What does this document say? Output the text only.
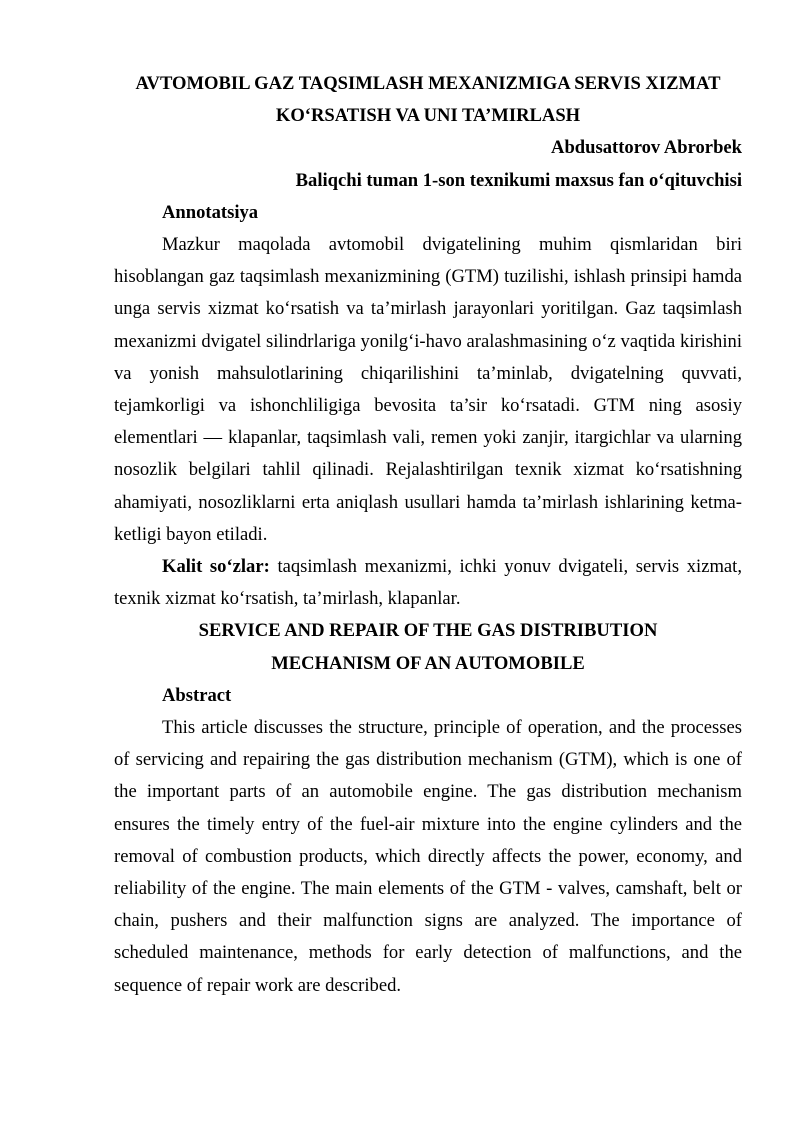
AVTOMOBIL GAZ TAQSIMLASH MEXANIZMIGA SERVIS XIZMAT

KO‘RSATISH VA UNI TA’MIRLASH

Abdusattorov Abrorbek

Baliqchi tuman 1-son texnikumi maxsus fan o‘qituvchisi

Annotatsiya

Mazkur maqolada avtomobil dvigatelining muhim qismlaridan biri hisoblangan gaz taqsimlash mexanizmining (GTM) tuzilishi, ishlash prinsipi hamda unga servis xizmat ko‘rsatish va ta’mirlash jarayonlari yoritilgan. Gaz taqsimlash mexanizmi dvigatel silindrlariga yonilg‘i-havo aralashmasining o‘z vaqtida kirishini va yonish mahsulotlarining chiqarilishini ta’minlab, dvigatelning quvvati, tejamkorligi va ishonchliligiga bevosita ta’sir ko‘rsatadi. GTM ning asosiy elementlari — klapanlar, taqsimlash vali, remen yoki zanjir, itargichlar va ularning nosozlik belgilari tahlil qilinadi. Rejalashtirilgan texnik xizmat ko‘rsatishning ahamiyati, nosozliklarni erta aniqlash usullari hamda ta’mirlash ishlarining ketma-ketligi bayon etiladi.

Kalit so‘zlar: taqsimlash mexanizmi, ichki yonuv dvigateli, servis xizmat, texnik xizmat ko‘rsatish, ta’mirlash, klapanlar.

SERVICE AND REPAIR OF THE GAS DISTRIBUTION

MECHANISM OF AN AUTOMOBILE

Abstract

This article discusses the structure, principle of operation, and the processes of servicing and repairing the gas distribution mechanism (GTM), which is one of the important parts of an automobile engine. The gas distribution mechanism ensures the timely entry of the fuel-air mixture into the engine cylinders and the removal of combustion products, which directly affects the power, economy, and reliability of the engine. The main elements of the GTM - valves, camshaft, belt or chain, pushers and their malfunction signs are analyzed. The importance of scheduled maintenance, methods for early detection of malfunctions, and the sequence of repair work are described.
